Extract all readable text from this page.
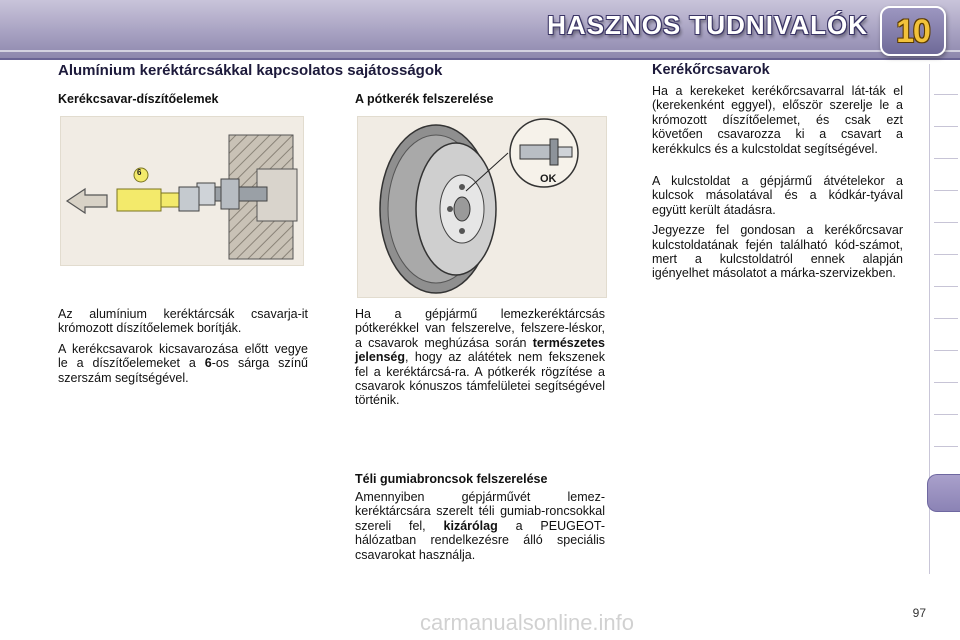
HASZNOS TUDNIVALÓK 10
Alumínium keréktárcsákkal kapcsolatos sajátosságok
Kerékcsavar-díszítőelemek
6

Az alumínium keréktárcsák csavarja-it krómozott díszítőelemek borítják.

A kerékcsavarok kicsavarozása előtt vegye le a díszítőelemeket a 6-os sárga színű szerszám segítségével.

A pótkerék felszerelése
OK

Ha a gépjármű lemezkeréktárcsás pótkerékkel van felszerelve, felszere-léskor, a csavarok meghúzása során természetes jelenség, hogy az alátétek nem fekszenek fel a keréktárcsá-ra. A pótkerék rögzítése a csavarok kónuszos támfelületei segítségével történik.

Téli gumiabroncsok felszerelése

Amennyiben gépjárművét lemez-keréktárcsára szerelt téli gumiab-roncsokkal szereli fel, kizárólag a PEUGEOT-hálózatban rendelkezésre álló speciális csavarokat használja.

Kerékőrcsavarok

Ha a kerekeket kerékőrcsavarral lát-ták el (kerekenként eggyel), először szerelje le a krómozott díszítőelemet, és csak ezt követően csavarozza ki a csavart a kerékkulcs és a kulcstoldat segítségével.

A kulcstoldat a gépjármű átvételekor a kulcsok másolatával és a kódkár-tyával együtt került átadásra.

Jegyezze fel gondosan a kerékőrcsavar kulcstoldatának fején található kód-számot, mert a kulcstoldatról ennek alapján igényelhet másolatot a márka-szervizekben.

97
carmanualsonline.info
